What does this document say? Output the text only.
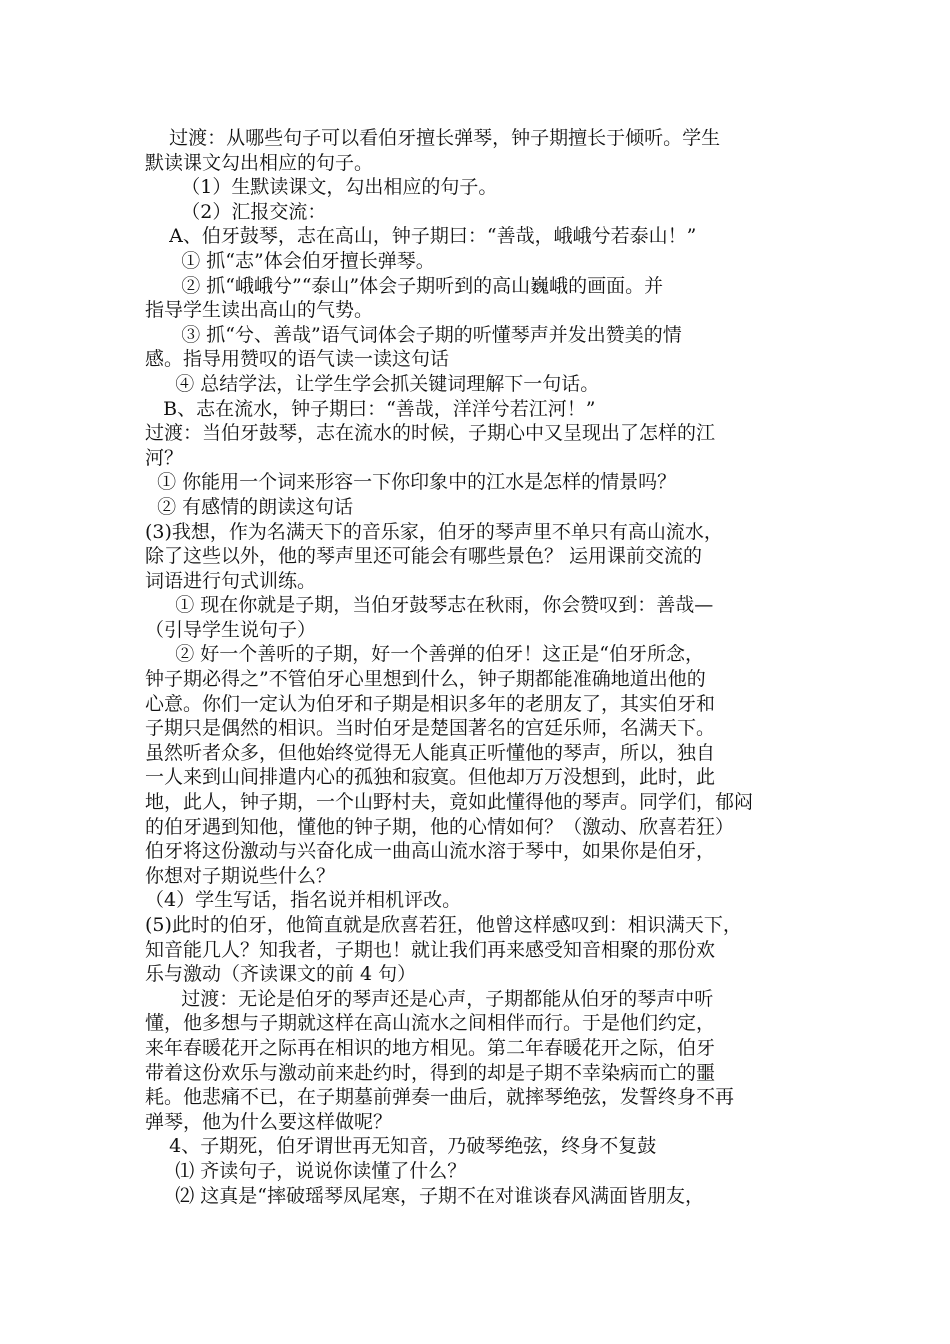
过渡：从哪些句子可以看伯牙擅长弹琴，钟子期擅长于倾听。学生
默读课文勾出相应的句子。
（1）生默读课文，勾出相应的句子。
（2）汇报交流：
A、伯牙鼓琴，志在高山，钟子期曰：“善哉，峨峨兮若泰山！”
① 抓“志”体会伯牙擅长弹琴。
② 抓“峨峨兮”“泰山”体会子期听到的高山巍峨的画面。并
指导学生读出高山的气势。
③ 抓“兮、善哉”语气词体会子期的听懂琴声并发出赞美的情
感。指导用赞叹的语气读一读这句话
④ 总结学法，让学生学会抓关键词理解下一句话。
B、志在流水，钟子期曰：“善哉，洋洋兮若江河！”
过渡：当伯牙鼓琴，志在流水的时候，子期心中又呈现出了怎样的江
河？
① 你能用一个词来形容一下你印象中的江水是怎样的情景吗？
② 有感情的朗读这句话
(3)我想，作为名满天下的音乐家，伯牙的琴声里不单只有高山流水，
除了这些以外，他的琴声里还可能会有哪些景色？ 运用课前交流的
词语进行句式训练。
① 现在你就是子期，当伯牙鼓琴志在秋雨，你会赞叹到：善哉—
（引导学生说句子）
② 好一个善听的子期，好一个善弹的伯牙！这正是“伯牙所念，
钟子期必得之”不管伯牙心里想到什么，钟子期都能准确地道出他的
心意。你们一定认为伯牙和子期是相识多年的老朋友了，其实伯牙和
子期只是偶然的相识。当时伯牙是楚国著名的宫廷乐师，名满天下。
虽然听者众多，但他始终觉得无人能真正听懂他的琴声，所以，独自
一人来到山间排遣内心的孤独和寂寞。但他却万万没想到，此时，此
地，此人，钟子期，一个山野村夫，竟如此懂得他的琴声。同学们，郁闷
的伯牙遇到知他，懂他的钟子期，他的心情如何？（激动、欣喜若狂）
伯牙将这份激动与兴奋化成一曲高山流水溶于琴中，如果你是伯牙，
你想对子期说些什么？
（4）学生写话，指名说并相机评改。
(5)此时的伯牙，他简直就是欣喜若狂，他曾这样感叹到：相识满天下，
知音能几人？知我者，子期也！就让我们再来感受知音相聚的那份欢
乐与激动（齐读课文的前 4 句）
过渡：无论是伯牙的琴声还是心声，子期都能从伯牙的琴声中听
懂，他多想与子期就这样在高山流水之间相伴而行。于是他们约定，
来年春暖花开之际再在相识的地方相见。第二年春暖花开之际，伯牙
带着这份欢乐与激动前来赴约时，得到的却是子期不幸染病而亡的噩
耗。他悲痛不已，在子期墓前弹奏一曲后，就摔琴绝弦，发誓终身不再
弹琴，他为什么要这样做呢？
4、子期死，伯牙谓世再无知音，乃破琴绝弦，终身不复鼓
⑴ 齐读句子，说说你读懂了什么？
⑵ 这真是“摔破瑶琴凤尾寒，子期不在对谁谈春风满面皆朋友，
